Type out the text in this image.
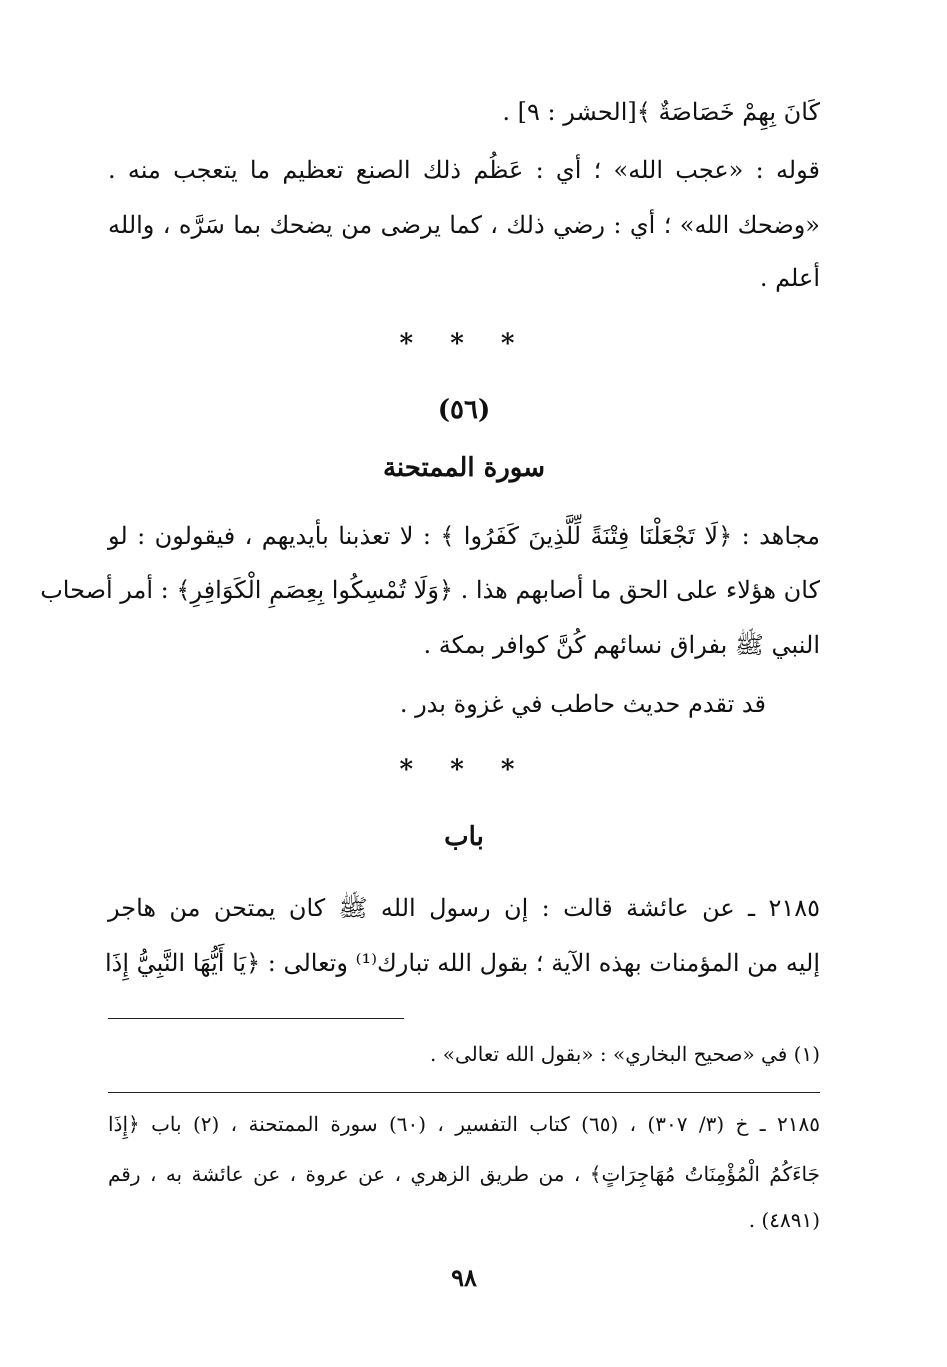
كَانَ بِهِمْ خَصَاصَةٌ ﴾[الحشر : ٩] .
قوله : «عجب الله» ؛ أي : عَظُم ذلك الصنع تعظيم ما يتعجب منه .
«وضحك الله» ؛ أي : رضي ذلك ، كما يرضى من يضحك بما سَرَّه ، والله
أعلم .
* * *
(٥٦)
سورة الممتحنة
مجاهد : ﴿لَا تَجْعَلْنَا فِتْنَةً لِّلَّذِينَ كَفَرُوا ﴾ : لا تعذبنا بأيديهم ، فيقولون : لو
كان هؤلاء على الحق ما أصابهم هذا . ﴿وَلَا تُمْسِكُوا بِعِصَمِ الْكَوَافِرِ﴾ : أمر أصحاب
النبي ﷺ بفراق نسائهم كُنَّ كوافر بمكة .
قد تقدم حديث حاطب في غزوة بدر .
* * *
باب
٢١٨٥ ـ عن عائشة قالت : إن رسول الله ﷺ كان يمتحن من هاجر
إليه من المؤمنات بهذه الآية ؛ بقول الله تبارك⁽¹⁾ وتعالى : ﴿يَا أَيُّهَا النَّبِيُّ إِذَا
(١) في «صحيح البخاري» : «بقول الله تعالى» .
٢١٨٥ ـ خ (٣/ ٣٠٧) ، (٦٥) كتاب التفسير ، (٦٠) سورة الممتحنة ، (٢) باب ﴿إِذَا
جَاءَكُمُ الْمُؤْمِنَاتُ مُهَاجِرَاتٍ﴾ ، من طريق الزهري ، عن عروة ، عن عائشة به ، رقم
(٤٨٩١) .
٩٨
